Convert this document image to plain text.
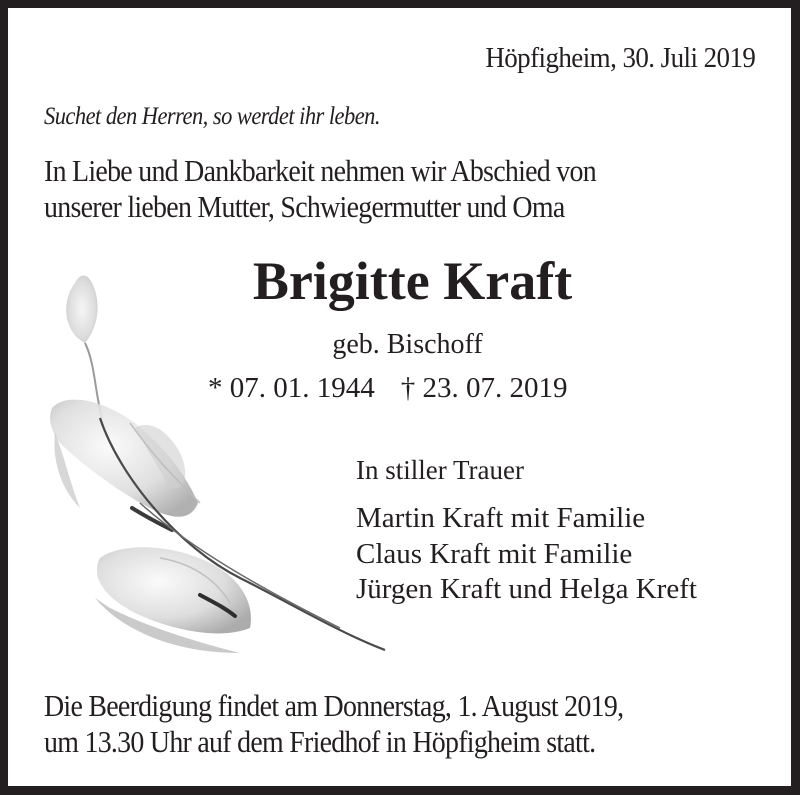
Höpfigheim, 30. Juli 2019
Suchet den Herren, so werdet ihr leben.
In Liebe und Dankbarkeit nehmen wir Abschied von
unserer lieben Mutter, Schwiegermutter und Oma
Brigitte Kraft
geb. Bischoff
* 07. 01. 1944 † 23. 07. 2019
In stiller Trauer
Martin Kraft mit Familie
Claus Kraft mit Familie
Jürgen Kraft und Helga Kreft
Die Beerdigung findet am Donnerstag, 1. August 2019,
um 13.30 Uhr auf dem Friedhof in Höpfigheim statt.
